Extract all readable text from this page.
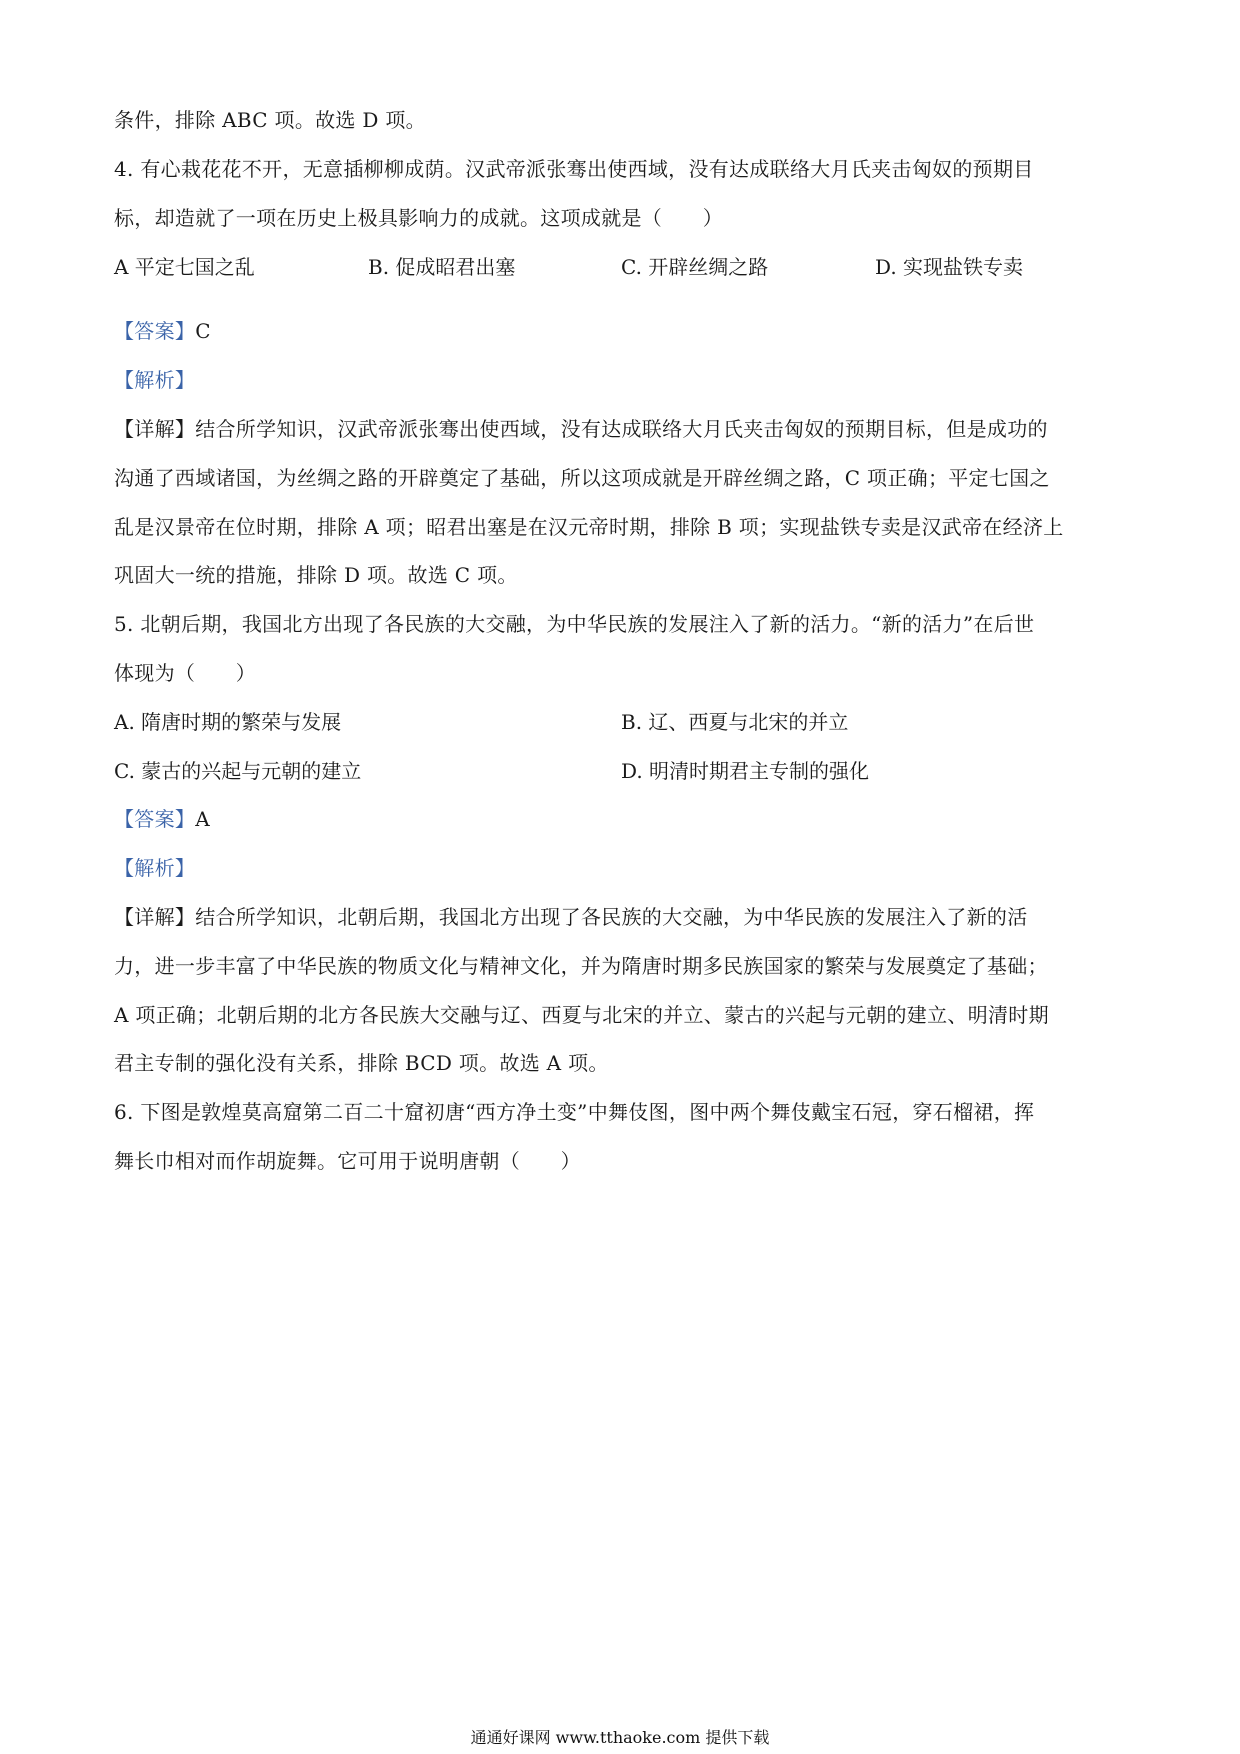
条件，排除 ABC 项。故选 D 项。
4. 有心栽花花不开，无意插柳柳成荫。汉武帝派张骞出使西域，没有达成联络大月氏夹击匈奴的预期目
标，却造就了一项在历史上极具影响力的成就。这项成就是（　　）
A 平定七国之乱	B. 促成昭君出塞	C. 开辟丝绸之路	D. 实现盐铁专卖
【答案】C
【解析】
【详解】结合所学知识，汉武帝派张骞出使西域，没有达成联络大月氏夹击匈奴的预期目标，但是成功的
沟通了西域诸国，为丝绸之路的开辟奠定了基础，所以这项成就是开辟丝绸之路，C 项正确；平定七国之
乱是汉景帝在位时期，排除 A 项；昭君出塞是在汉元帝时期，排除 B 项；实现盐铁专卖是汉武帝在经济上
巩固大一统的措施，排除 D 项。故选 C 项。
5. 北朝后期，我国北方出现了各民族的大交融，为中华民族的发展注入了新的活力。“新的活力”在后世
体现为（　　）
A. 隋唐时期的繁荣与发展	B. 辽、西夏与北宋的并立
C. 蒙古的兴起与元朝的建立	D. 明清时期君主专制的强化
【答案】A
【解析】
【详解】结合所学知识，北朝后期，我国北方出现了各民族的大交融，为中华民族的发展注入了新的活
力，进一步丰富了中华民族的物质文化与精神文化，并为隋唐时期多民族国家的繁荣与发展奠定了基础；
A 项正确；北朝后期的北方各民族大交融与辽、西夏与北宋的并立、蒙古的兴起与元朝的建立、明清时期
君主专制的强化没有关系，排除 BCD 项。故选 A 项。
6. 下图是敦煌莫高窟第二百二十窟初唐“西方净土变”中舞伎图，图中两个舞伎戴宝石冠，穿石榴裙，挥
舞长巾相对而作胡旋舞。它可用于说明唐朝（　　）
通通好课网 www.tthaoke.com 提供下载
